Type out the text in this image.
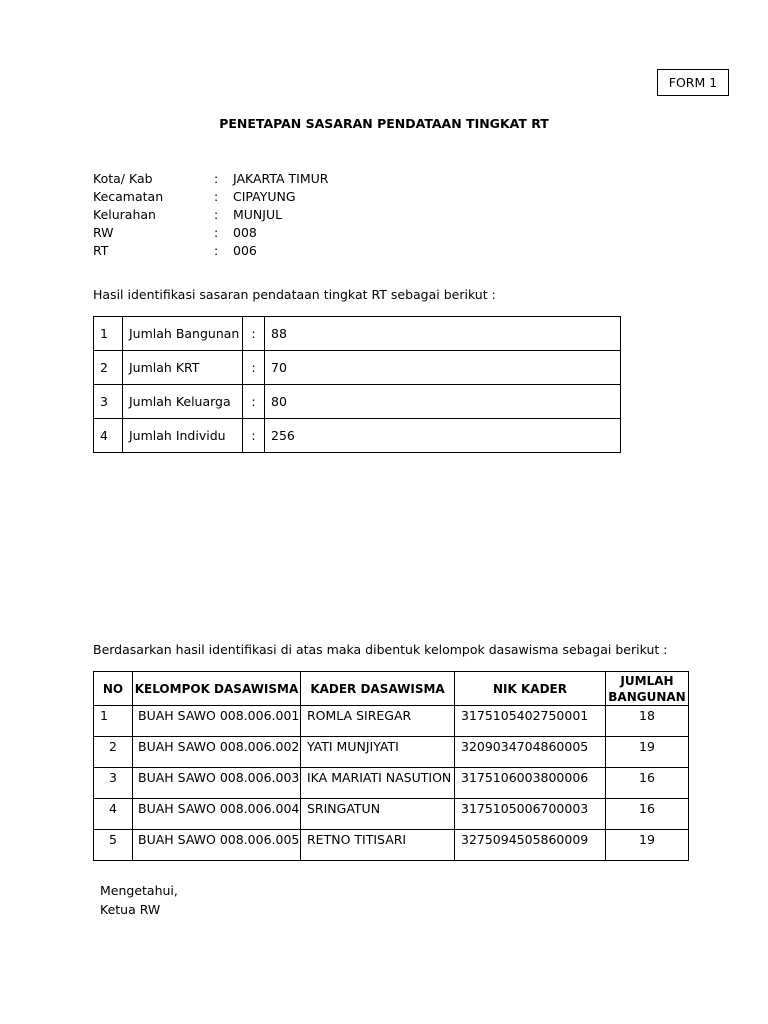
FORM 1
PENETAPAN SASARAN PENDATAAN TINGKAT RT
Kota/ Kab	:	JAKARTA TIMUR
Kecamatan	:	CIPAYUNG
Kelurahan	:	MUNJUL
RW	:	008
RT	:	006
Hasil identifikasi sasaran pendataan tingkat RT sebagai berikut :
1	Jumlah Bangunan	:	88
2	Jumlah KRT	:	70
3	Jumlah Keluarga	:	80
4	Jumlah Individu	:	256
Berdasarkan hasil identifikasi di atas maka dibentuk kelompok dasawisma sebagai berikut :
NO	KELOMPOK DASAWISMA	KADER DASAWISMA	NIK KADER	JUMLAH
BANGUNAN

1	BUAH SAWO 008.006.001	ROMLA SIREGAR	3175105402750001	18
2	BUAH SAWO 008.006.002	YATI MUNJIYATI	3209034704860005	19
3	BUAH SAWO 008.006.003	IKA MARIATI NASUTION	3175106003800006	16
4	BUAH SAWO 008.006.004	SRINGATUN	3175105006700003	16
5	BUAH SAWO 008.006.005	RETNO TITISARI	3275094505860009	19
Mengetahui,
Ketua RW
